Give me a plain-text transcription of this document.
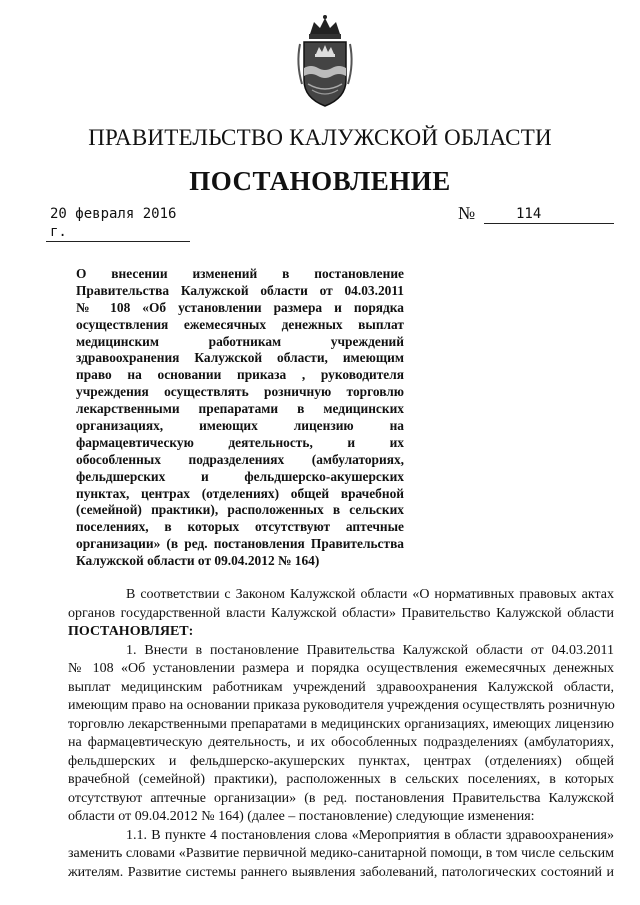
ПРАВИТЕЛЬСТВО КАЛУЖСКОЙ ОБЛАСТИ
ПОСТАНОВЛЕНИЕ
20 февраля 2016 г.
№	114
О внесении изменений в постановление
Правительства Калужской области от 04.03.2011
№ 108 «Об установлении размера и порядка
осуществления ежемесячных денежных выплат
медицинским работникам учреждений
здравоохранения Калужской области, имеющим
право на основании приказа , руководителя
учреждения осуществлять розничную торговлю
лекарственными препаратами в медицинских
организациях, имеющих лицензию на
фармацевтическую деятельность, и их
обособленных подразделениях (амбулаториях,
фельдшерских и фельдшерско-акушерских
пунктах, центрах (отделениях) общей врачебной
(семейной) практики), расположенных в сельских
поселениях, в которых отсутствуют аптечные
организации» (в ред. постановления Правительства
Калужской области от 09.04.2012 № 164)
В соответствии с Законом Калужской области «О нормативных правовых актах
органов государственной власти Калужской области» Правительство Калужской области
ПОСТАНОВЛЯЕТ:
1. Внести в постановление Правительства Калужской области от 04.03.2011
№ 108 «Об установлении размера и порядка осуществления ежемесячных денежных
выплат медицинским работникам учреждений здравоохранения Калужской области,
имеющим право на основании приказа руководителя учреждения осуществлять розничную
торговлю лекарственными препаратами в медицинских организациях, имеющих лицензию
на фармацевтическую деятельность, и их обособленных подразделениях (амбулаториях,
фельдшерских и фельдшерско-акушерских пунктах, центрах (отделениях) общей
врачебной (семейной) практики), расположенных в сельских поселениях, в которых
отсутствуют аптечные организации» (в ред. постановления Правительства Калужской
области от 09.04.2012 № 164) (далее – постановление) следующие изменения:
1.1. В пункте 4 постановления слова «Мероприятия в области здравоохранения»
заменить словами «Развитие первичной медико-санитарной помощи, в том числе сельским
жителям. Развитие системы раннего выявления заболеваний, патологических состояний и
